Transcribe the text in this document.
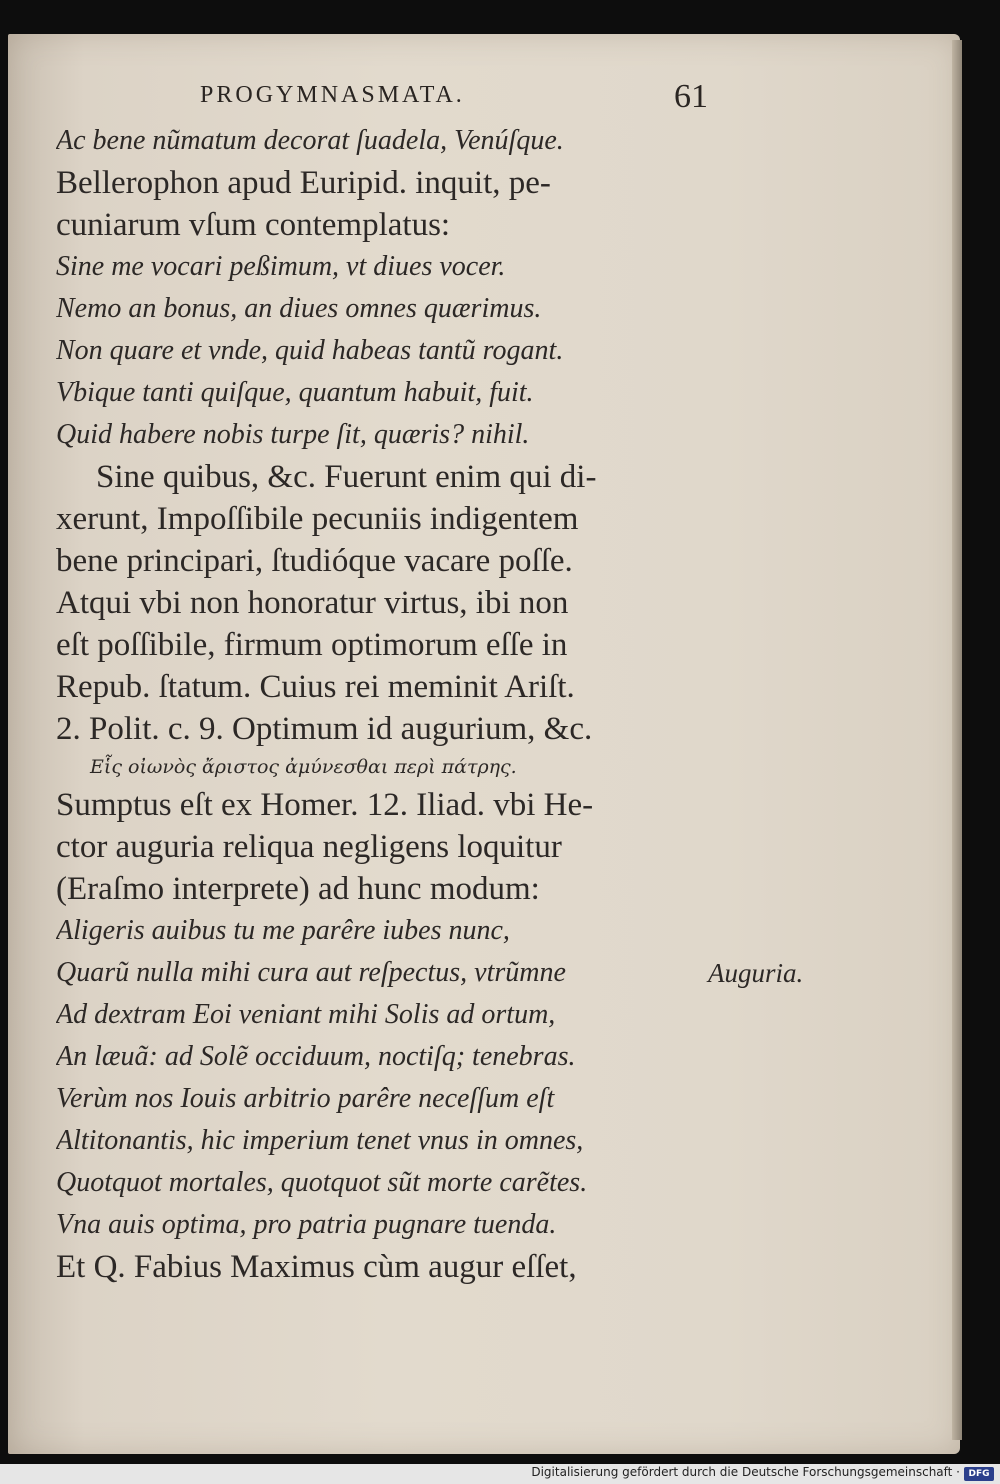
PROGYMNASMATA.	61
Ac bene nũmatum decorat ſuadela, Venúſque.
Bellerophon apud Euripid. inquit, pe-
cuniarum vſum contemplatus:
Sine me vocari peßimum, vt diues vocer.
Nemo an bonus, an diues omnes quærimus.
Non quare et vnde, quid habeas tantũ rogant.
Vbique tanti quiſque, quantum habuit, fuit.
Quid habere nobis turpe ſit, quæris? nihil.
Sine quibus, &c. Fuerunt enim qui di-
xerunt, Impoſſibile pecuniis indigentem
bene principari, ſtudióque vacare poſſe.
Atqui vbi non honoratur virtus, ibi non
eſt poſſibile, firmum optimorum eſſe in
Repub. ſtatum. Cuius rei meminit Ariſt.
2. Polit. c. 9. Optimum id augurium, &c.
Εἷς οἰωνὸς ἄριστος ἀμύνεσθαι περὶ πάτρης.
Sumptus eſt ex Homer. 12. Iliad. vbi He-
ctor auguria reliqua negligens loquitur
(Eraſmo interprete) ad hunc modum:
Aligeris auibus tu me parêre iubes nunc,
Quarũ nulla mihi cura aut reſpectus, vtrũmne
Ad dextram Eoi veniant mihi Solis ad ortum,
An læuã: ad Solẽ occiduum, noctiſq; tenebras.
Verùm nos Iouis arbitrio parêre neceſſum eſt
Altitonantis, hic imperium tenet vnus in omnes,
Quotquot mortales, quotquot sũt morte carẽtes.
Vna auis optima, pro patria pugnare tuenda.
Et Q. Fabius Maximus cùm augur eſſet,
Auguria.
Digitalisierung gefördert durch die Deutsche Forschungsgemeinschaft · DFG
